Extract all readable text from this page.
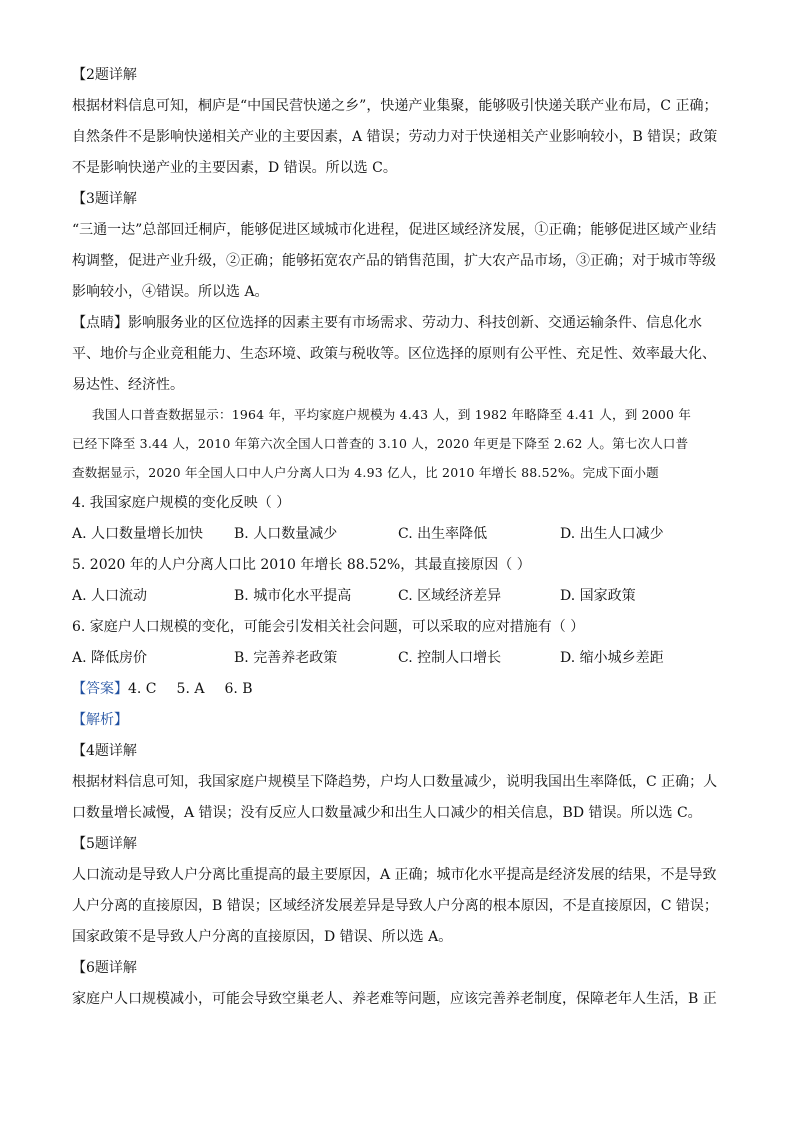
【2题详解
根据材料信息可知，桐庐是“中国民营快递之乡”，快递产业集聚，能够吸引快递关联产业布局，C 正确；
自然条件不是影响快递相关产业的主要因素，A 错误；劳动力对于快递相关产业影响较小，B 错误；政策
不是影响快递产业的主要因素，D 错误。所以选 C。
【3题详解
“三通一达”总部回迁桐庐，能够促进区域城市化进程，促进区域经济发展，①正确；能够促进区域产业结
构调整，促进产业升级，②正确；能够拓宽农产品的销售范围，扩大农产品市场，③正确；对于城市等级
影响较小，④错误。所以选 A。
【点睛】影响服务业的区位选择的因素主要有市场需求、劳动力、科技创新、交通运输条件、信息化水
平、地价与企业竞租能力、生态环境、政策与税收等。区位选择的原则有公平性、充足性、效率最大化、
易达性、经济性。
我国人口普查数据显示：1964 年，平均家庭户规模为 4.43 人，到 1982 年略降至 4.41 人，到 2000 年
已经下降至 3.44 人，2010 年第六次全国人口普查的 3.10 人，2020 年更是下降至 2.62 人。第七次人口普
查数据显示，2020 年全国人口中人户分离人口为 4.93 亿人，比 2010 年增长 88.52%。完成下面小题
4. 我国家庭户规模的变化反映（ ）
A. 人口数量增长加快	B. 人口数量减少	C. 出生率降低	D. 出生人口减少
5. 2020 年的人户分离人口比 2010 年增长 88.52%，其最直接原因（ ）
A. 人口流动	B. 城市化水平提高	C. 区域经济差异	D. 国家政策
6. 家庭户人口规模的变化，可能会引发相关社会问题，可以采取的应对措施有（ ）
A. 降低房价	B. 完善养老政策	C. 控制人口增长	D. 缩小城乡差距
【答案】4. C 5. A 6. B
【解析】
【4题详解
根据材料信息可知，我国家庭户规模呈下降趋势，户均人口数量减少，说明我国出生率降低，C 正确；人
口数量增长减慢，A 错误；没有反应人口数量减少和出生人口减少的相关信息，BD 错误。所以选 C。
【5题详解
人口流动是导致人户分离比重提高的最主要原因，A 正确；城市化水平提高是经济发展的结果，不是导致
人户分离的直接原因，B 错误；区域经济发展差异是导致人户分离的根本原因，不是直接原因，C 错误；
国家政策不是导致人户分离的直接原因，D 错误、所以选 A。
【6题详解
家庭户人口规模减小，可能会导致空巢老人、养老难等问题，应该完善养老制度，保障老年人生活，B 正
